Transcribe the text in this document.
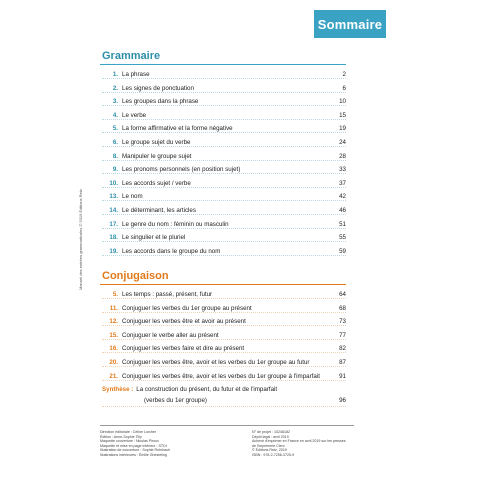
Sommaire
Manuel des entrées grammaticales © 2019 Éditions Retz
Grammaire
1. La phrase	2
2. Les signes de ponctuation	6
3. Les groupes dans la phrase	10
4. Le verbe	15
5. La forme affirmative et la forme négative	19
6. Le groupe sujet du verbe	24
8. Manipuler le groupe sujet	28
9. Les pronoms personnels (en position sujet)	33
10. Les accords sujet / verbe	37
13. Le nom	42
14. Le déterminant, les articles	46
17. Le genre du nom : féminin ou masculin	51
18. Le singulier et le pluriel	55
19. Les accords dans le groupe du nom	59
Conjugaison
Synthèse : La construction du présent, du futur et de l'imparfait
(verbes du 1er groupe)	96
5. Les temps : passé, présent, futur	64
11. Conjuguer les verbes du 1er groupe au présent	68
12. Conjuguer les verbes être et avoir au présent	73
15. Conjuguer le verbe aller au présent	77
16. Conjuguer les verbes faire et dire au présent	82
20. Conjuguer les verbes être, avoir et les verbes du 1er groupe au futur	87
21. Conjuguer les verbes être, avoir et les verbes du 1er groupe à l'imparfait	91
Direction éditoriale : Céline Lorcher
Édition : Anne-Sophie Tilly
Maquette couverture : Nicolas Piroux
Maquette et mise en page intérieur : STDI
Illustration de couverture : Sophie Rohrbach
Illustrations intérieures : Émilie Ghesteling
N° de projet : 10248182
Dépôt légal : avril 2019
Achevé d'imprimer en France en avril 2019 sur les presses
de l'imprimerie Clerc
© Éditions Retz, 2019
ISBN : 978-2-7256-3725-9
